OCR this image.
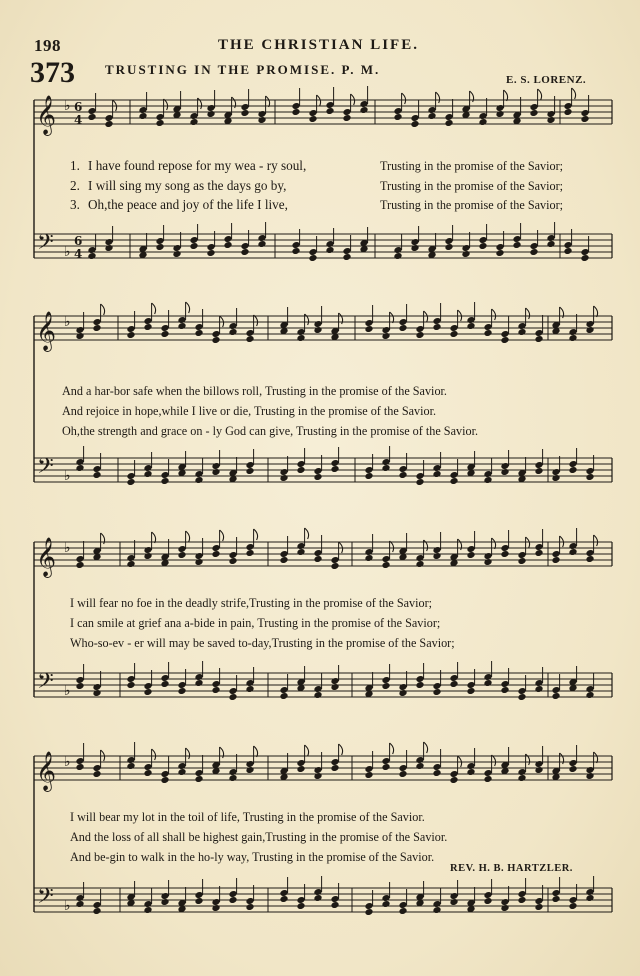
198	THE CHRISTIAN LIFE.
373 TRUSTING IN THE PROMISE. P. M.
E. S. LORENZ.
𝄞 ♭ 6
4
𝄢 ♭
6
4
𝄞 ♭
𝄢 ♭
𝄞 ♭
𝄢 ♭
𝄞 ♭
𝄢 ♭
1. I have found repose for my wea - ry soul,	Trusting in the promise of the Savior;
2. I will sing my song as the days go by,	Trusting in the promise of the Savior;
3. Oh,the peace and joy of the life I live,	Trusting in the promise of the Savior;
And a har-bor safe when the billows roll, Trusting in the promise of the Savior.
And rejoice in hope,while I live or die, Trusting in the promise of the Savior.
Oh,the strength and grace on - ly God can give, Trusting in the promise of the Savior.
I will fear no foe in the deadly strife,Trusting in the promise of the Savior;
I can smile at grief ana a-bide in pain, Trusting in the promise of the Savior;
Who-so-ev - er will may be saved to-day,Trusting in the promise of the Savior;
I will bear my lot in the toil of life, Trusting in the promise of the Savior.
And the loss of all shall be highest gain,Trusting in the promise of the Savior.
And be-gin to walk in the ho-ly way, Trusting in the promise of the Savior.
REV. H. B. HARTZLER.
